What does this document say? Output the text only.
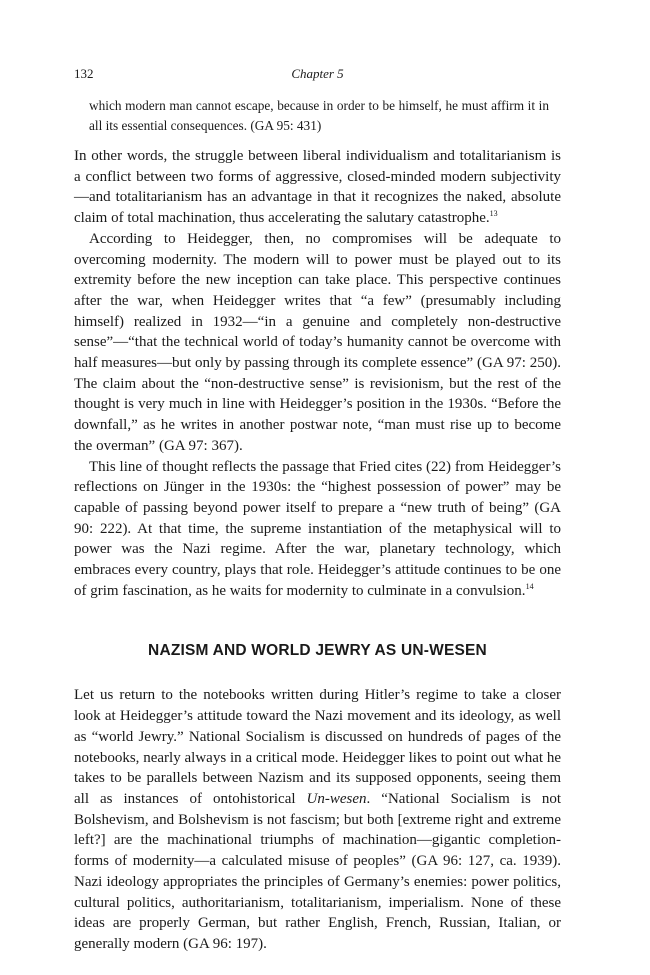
132	Chapter 5
which modern man cannot escape, because in order to be himself, he must affirm it in all its essential consequences. (GA 95: 431)

In other words, the struggle between liberal individualism and totalitarianism is a conflict between two forms of aggressive, closed-minded modern subjectivity—and totalitarianism has an advantage in that it recognizes the naked, absolute claim of total machination, thus accelerating the salutary catastrophe.$^{13}$

According to Heidegger, then, no compromises will be adequate to overcoming modernity. The modern will to power must be played out to its extremity before the new inception can take place. This perspective continues after the war, when Heidegger writes that “a few” (presumably including himself) realized in 1932—“in a genuine and completely non-destructive sense”—“that the technical world of today’s humanity cannot be overcome with half measures—but only by passing through its complete essence” (GA 97: 250). The claim about the “non-destructive sense” is revisionism, but the rest of the thought is very much in line with Heidegger’s position in the 1930s. “Before the downfall,” as he writes in another postwar note, “man must rise up to become the overman” (GA 97: 367).

This line of thought reflects the passage that Fried cites (22) from Heidegger’s reflections on Jünger in the 1930s: the “highest possession of power” may be capable of passing beyond power itself to prepare a “new truth of being” (GA 90: 222). At that time, the supreme instantiation of the metaphysical will to power was the Nazi regime. After the war, planetary technology, which embraces every country, plays that role. Heidegger’s attitude continues to be one of grim fascination, as he waits for modernity to culminate in a convulsion.$^{14}$

NAZISM AND WORLD JEWRY AS UN-WESEN

Let us return to the notebooks written during Hitler’s regime to take a closer look at Heidegger’s attitude toward the Nazi movement and its ideology, as well as “world Jewry.” National Socialism is discussed on hundreds of pages of the notebooks, nearly always in a critical mode. Heidegger likes to point out what he takes to be parallels between Nazism and its supposed opponents, seeing them all as instances of ontohistorical Un-wesen. “National Socialism is not Bolshevism, and Bolshevism is not fascism; but both [extreme right and extreme left?] are the machinational triumphs of machination—gigantic completion-forms of modernity—a calculated misuse of peoples” (GA 96: 127, ca. 1939). Nazi ideology appropriates the principles of Germany’s enemies: power politics, cultural politics, authoritarianism, totalitarianism, imperialism. None of these ideas are properly German, but rather English, French, Russian, Italian, or generally modern (GA 96: 197).
